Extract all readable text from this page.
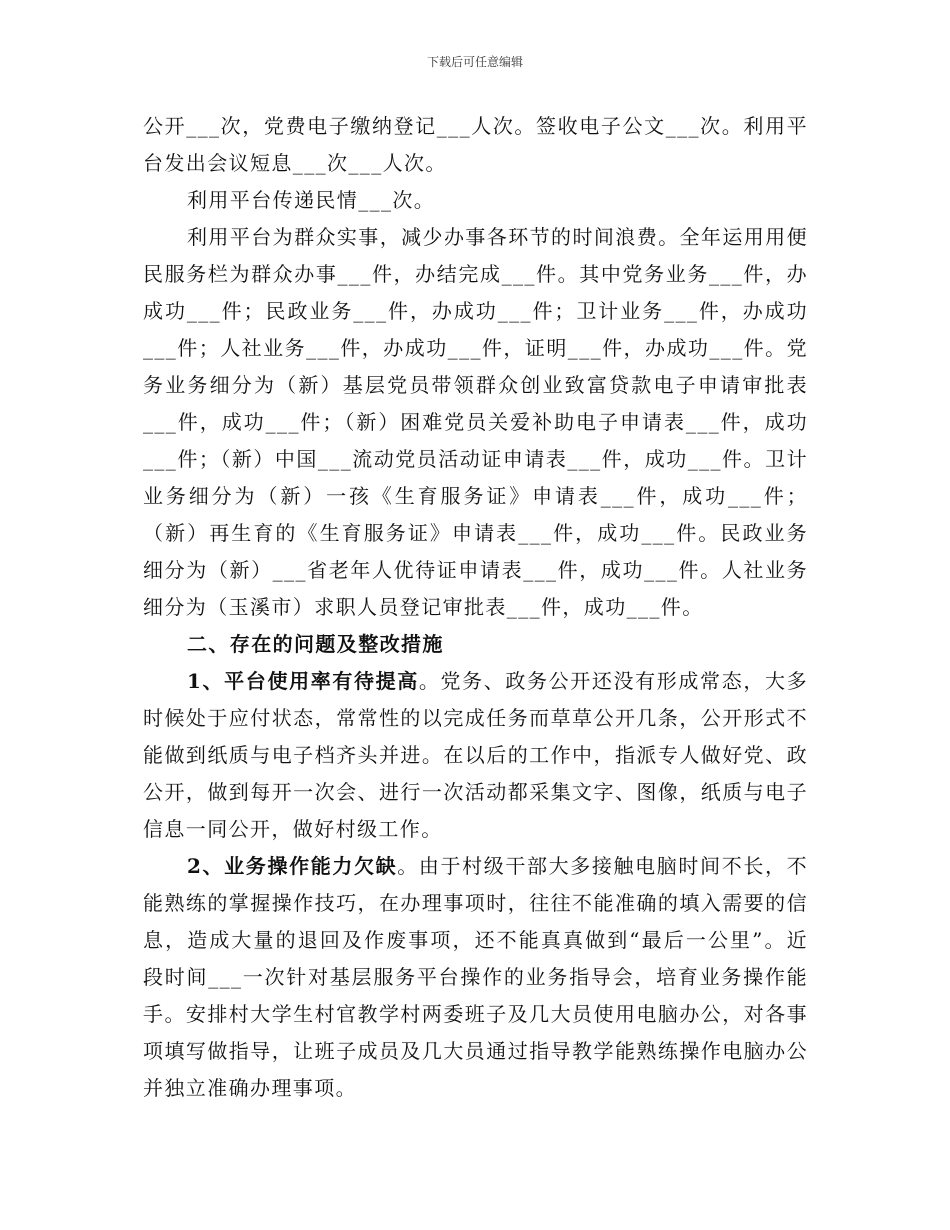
下载后可任意编辑

公开___次，党费电子缴纳登记___人次。签收电子公文___次。利用平台发出会议短息___次___人次。

利用平台传递民情___次。

利用平台为群众实事，减少办事各环节的时间浪费。全年运用用便民服务栏为群众办事___件，办结完成___件。其中党务业务___件，办成功___件；民政业务___件，办成功___件；卫计业务___件，办成功___件；人社业务___件，办成功___件，证明___件，办成功___件。党务业务细分为（新）基层党员带领群众创业致富贷款电子申请审批表___件，成功___件；（新）困难党员关爱补助电子申请表___件，成功___件；（新）中国___流动党员活动证申请表___件，成功___件。卫计业务细分为（新）一孩《生育服务证》申请表___件，成功___件；（新）再生育的《生育服务证》申请表___件，成功___件。民政业务细分为（新）___省老年人优待证申请表___件，成功___件。人社业务细分为（玉溪市）求职人员登记审批表___件，成功___件。

二、存在的问题及整改措施

1、平台使用率有待提高。党务、政务公开还没有形成常态，大多时候处于应付状态，常常性的以完成任务而草草公开几条，公开形式不能做到纸质与电子档齐头并进。在以后的工作中，指派专人做好党、政公开，做到每开一次会、进行一次活动都采集文字、图像，纸质与电子信息一同公开，做好村级工作。

2、业务操作能力欠缺。由于村级干部大多接触电脑时间不长，不能熟练的掌握操作技巧，在办理事项时，往往不能准确的填入需要的信息，造成大量的退回及作废事项，还不能真真做到“最后一公里”。近段时间___一次针对基层服务平台操作的业务指导会，培育业务操作能手。安排村大学生村官教学村两委班子及几大员使用电脑办公，对各事项填写做指导，让班子成员及几大员通过指导教学能熟练操作电脑办公并独立准确办理事项。
